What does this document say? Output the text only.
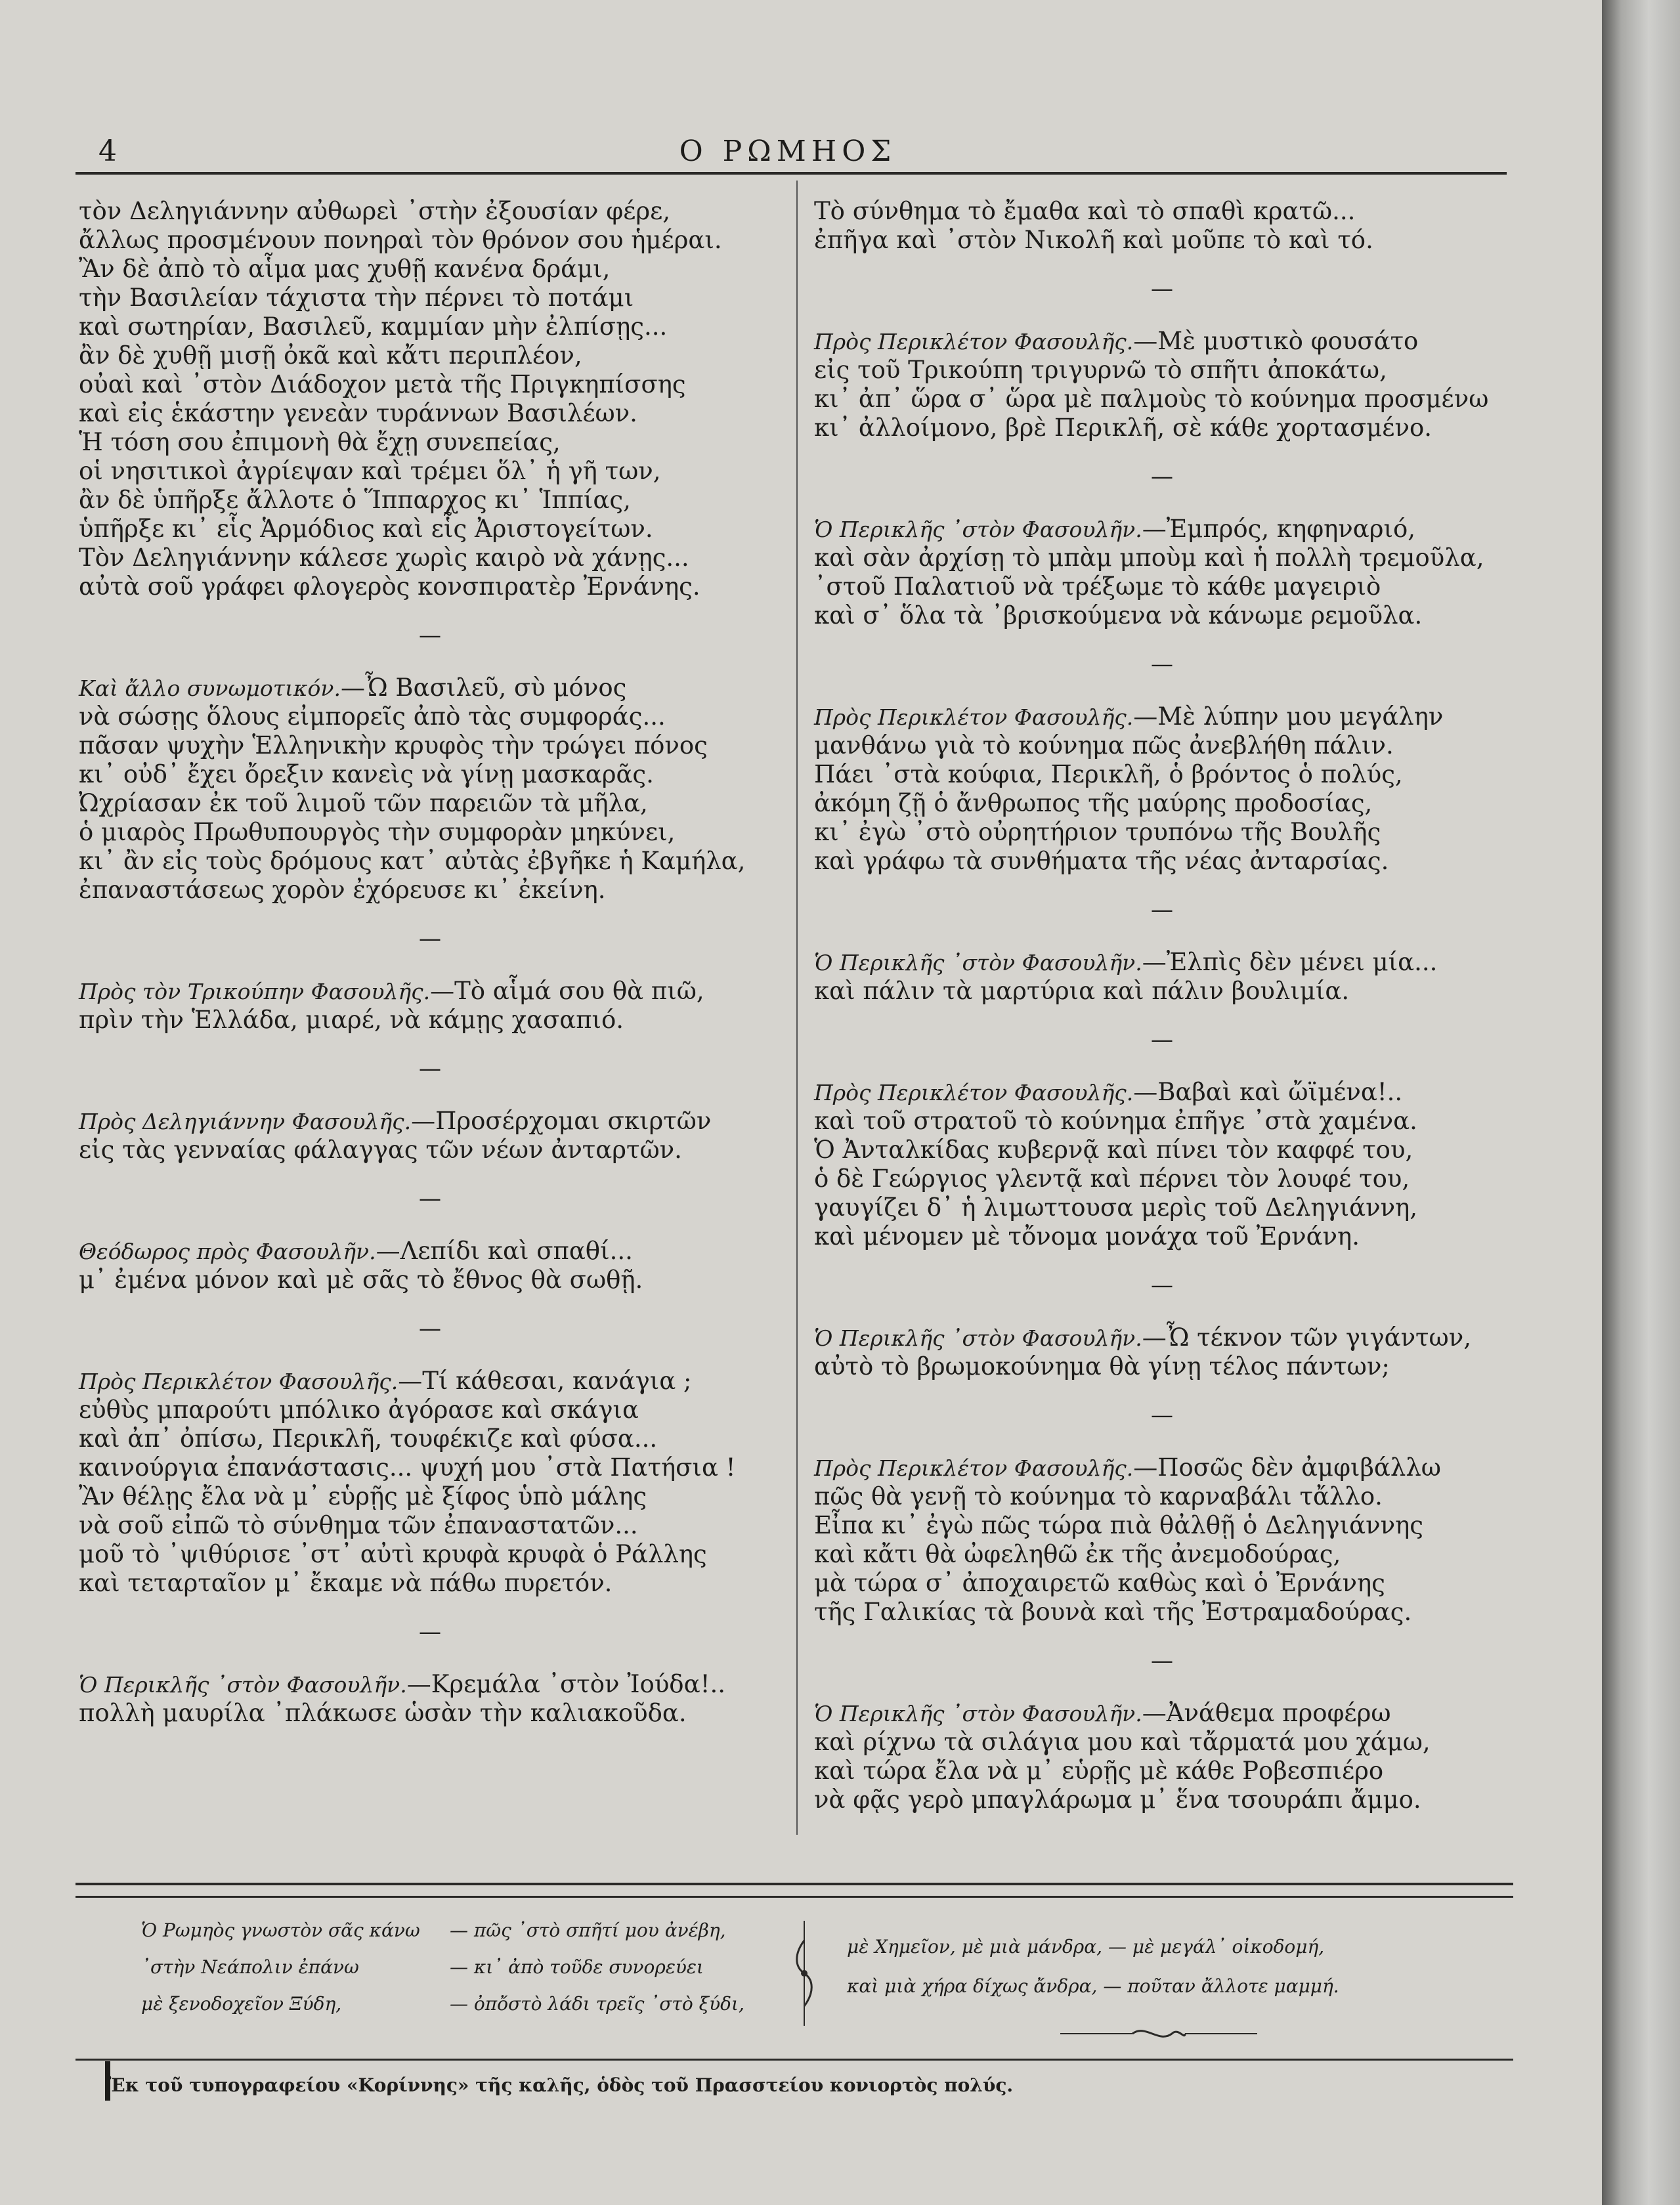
4	Ο ΡΩΜΗΟΣ
τὸν Δεληγιάννην αὐθωρεὶ ᾿στὴν ἐξουσίαν φέρε,
ἄλλως προσμένουν πονηραὶ τὸν θρόνον σου ἡμέραι.
Ἂν δὲ ἀπὸ τὸ αἷμα μας χυθῇ κανένα δράμι,
τὴν Βασιλείαν τάχιστα τὴν πέρνει τὸ ποτάμι
καὶ σωτηρίαν, Βασιλεῦ, καμμίαν μὴν ἐλπίσῃς...
ἂν δὲ χυθῇ μισῇ ὀκᾶ καὶ κἄτι περιπλέον,
οὐαὶ καὶ ᾿στὸν Διάδοχον μετὰ τῆς Πριγκηπίσσης
καὶ εἰς ἑκάστην γενεὰν τυράννων Βασιλέων.
Ἡ τόση σου ἐπιμονὴ θὰ ἔχῃ συνεπείας,
οἱ νησιτικοὶ ἀγρίεψαν καὶ τρέμει ὅλ᾿ ἡ γῆ των,
ἂν δὲ ὑπῆρξε ἄλλοτε ὁ Ἵππαρχος κι᾿ Ἱππίας,
ὑπῆρξε κι᾿ εἷς Ἁρμόδιος καὶ εἷς Ἀριστογείτων.
Τὸν Δεληγιάννην κάλεσε χωρὶς καιρὸ νὰ χάνῃς...
αὐτὰ σοῦ γράφει φλογερὸς κονσπιρατὲρ Ἐρνάνης.
—
Καὶ ἄλλο συνωμοτικόν.—Ὦ Βασιλεῦ, σὺ μόνος
νὰ σώσῃς ὅλους εἰμπορεῖς ἀπὸ τὰς συμφοράς...
πᾶσαν ψυχὴν Ἑλληνικὴν κρυφὸς τὴν τρώγει πόνος
κι᾿ οὐδ᾿ ἔχει ὄρεξιν κανεὶς νὰ γίνῃ μασκαρᾶς.
Ὠχρίασαν ἐκ τοῦ λιμοῦ τῶν παρειῶν τὰ μῆλα,
ὁ μιαρὸς Πρωθυπουργὸς τὴν συμφορὰν μηκύνει,
κι᾿ ἂν εἰς τοὺς δρόμους κατ᾿ αὐτὰς ἐβγῆκε ἡ Καμήλα,
ἐπαναστάσεως χορὸν ἐχόρευσε κι᾿ ἐκείνη.
—
Πρὸς τὸν Τρικούπην Φασουλῆς.—Τὸ αἷμά σου θὰ πιῶ,
πρὶν τὴν Ἑλλάδα, μιαρέ, νὰ κάμῃς χασαπιό.
—
Πρὸς Δεληγιάννην Φασουλῆς.—Προσέρχομαι σκιρτῶν
εἰς τὰς γενναίας φάλαγγας τῶν νέων ἀνταρτῶν.
—
Θεόδωρος πρὸς Φασουλῆν.—Λεπίδι καὶ σπαθί...
μ᾿ ἐμένα μόνον καὶ μὲ σᾶς τὸ ἔθνος θὰ σωθῇ.
—
Πρὸς Περικλέτον Φασουλῆς.—Τί κάθεσαι, κανάγια ;
εὐθὺς μπαρούτι μπόλικο ἀγόρασε καὶ σκάγια
καὶ ἀπ᾿ ὀπίσω, Περικλῆ, τουφέκιζε καὶ φύσα...
καινούργια ἐπανάστασις... ψυχή μου ᾿στὰ Πατήσια !
Ἂν θέλῃς ἔλα νὰ μ᾿ εὑρῇς μὲ ξίφος ὑπὸ μάλης
νὰ σοῦ εἰπῶ τὸ σύνθημα τῶν ἐπαναστατῶν...
μοῦ τὸ ᾿ψιθύρισε ᾿στ᾿ αὐτὶ κρυφὰ κρυφὰ ὁ Ράλλης
καὶ τεταρταῖον μ᾿ ἔκαμε νὰ πάθω πυρετόν.
—
Ὁ Περικλῆς ᾿στὸν Φασουλῆν.—Κρεμάλα ᾿στὸν Ἰούδα!..
πολλὴ μαυρίλα ᾿πλάκωσε ὡσὰν τὴν καλιακοῦδα.
Τὸ σύνθημα τὸ ἔμαθα καὶ τὸ σπαθὶ κρατῶ...
ἐπῆγα καὶ ᾿στὸν Νικολῆ καὶ μοῦπε τὸ καὶ τό.
—
Πρὸς Περικλέτον Φασουλῆς.—Μὲ μυστικὸ φουσάτο
εἰς τοῦ Τρικούπη τριγυρνῶ τὸ σπῆτι ἀποκάτω,
κι᾿ ἀπ᾿ ὥρα σ᾿ ὥρα μὲ παλμοὺς τὸ κούνημα προσμένω
κι᾿ ἀλλοίμονο, βρὲ Περικλῆ, σὲ κάθε χορτασμένο.
—
Ὁ Περικλῆς ᾿στὸν Φασουλῆν.—Ἐμπρός, κηφηναριό,
καὶ σὰν ἀρχίσῃ τὸ μπὰμ μποὺμ καὶ ἡ πολλὴ τρεμοῦλα,
᾿στοῦ Παλατιοῦ νὰ τρέξωμε τὸ κάθε μαγειριὸ
καὶ σ᾿ ὅλα τὰ ᾿βρισκούμενα νὰ κάνωμε ρεμοῦλα.
—
Πρὸς Περικλέτον Φασουλῆς.—Μὲ λύπην μου μεγάλην
μανθάνω γιὰ τὸ κούνημα πῶς ἀνεβλήθη πάλιν.
Πάει ᾿στὰ κούφια, Περικλῆ, ὁ βρόντος ὁ πολύς,
ἀκόμη ζῇ ὁ ἄνθρωπος τῆς μαύρης προδοσίας,
κι᾿ ἐγὼ ᾿στὸ οὐρητήριον τρυπόνω τῆς Βουλῆς
καὶ γράφω τὰ συνθήματα τῆς νέας ἀνταρσίας.
—
Ὁ Περικλῆς ᾿στὸν Φασουλῆν.—Ἐλπὶς δὲν μένει μία...
καὶ πάλιν τὰ μαρτύρια καὶ πάλιν βουλιμία.
—
Πρὸς Περικλέτον Φασουλῆς.—Βαβαὶ καὶ ὤϊμένα!..
καὶ τοῦ στρατοῦ τὸ κούνημα ἐπῆγε ᾿στὰ χαμένα.
Ὁ Ἀνταλκίδας κυβερνᾷ καὶ πίνει τὸν καφφέ του,
ὁ δὲ Γεώργιος γλεντᾷ καὶ πέρνει τὸν λουφέ του,
γαυγίζει δ᾿ ἡ λιμωττουσα μερὶς τοῦ Δεληγιάννη,
καὶ μένομεν μὲ τὄνομα μονάχα τοῦ Ἐρνάνη.
—
Ὁ Περικλῆς ᾿στὸν Φασουλῆν.—Ὦ τέκνον τῶν γιγάντων,
αὐτὸ τὸ βρωμοκούνημα θὰ γίνῃ τέλος πάντων;
—
Πρὸς Περικλέτον Φασουλῆς.—Ποσῶς δὲν ἀμφιβάλλω
πῶς θὰ γενῇ τὸ κούνημα τὸ καρναβάλι τἄλλο.
Εἶπα κι᾿ ἐγὼ πῶς τώρα πιὰ θἀλθῇ ὁ Δεληγιάννης
καὶ κἄτι θὰ ὠφεληθῶ ἐκ τῆς ἀνεμοδούρας,
μὰ τώρα σ᾿ ἀποχαιρετῶ καθὼς καὶ ὁ Ἐρνάνης
τῆς Γαλικίας τὰ βουνὰ καὶ τῆς Ἐστραμαδούρας.
—
Ὁ Περικλῆς ᾿στὸν Φασουλῆν.—Ἀνάθεμα προφέρω
καὶ ρίχνω τὰ σιλάγια μου καὶ τἄρματά μου χάμω,
καὶ τώρα ἔλα νὰ μ᾿ εὑρῇς μὲ κάθε Ροβεσπιέρο
νὰ φᾷς γερὸ μπαγλάρωμα μ᾿ ἕνα τσουράπι ἄμμο.
Ὁ Ρωμηὸς γνωστὸν σᾶς κάνω — πῶς ᾿στὸ σπῆτί μου ἀνέβη,
᾿στὴν Νεάπολιν ἐπάνω	— κι᾿ ἀπὸ τοῦδε συνορεύει
μὲ ξενοδοχεῖον Ξύδη,	— ὀπὄστὸ λάδι τρεῖς ᾿στὸ ξύδι,
μὲ Χημεῖον, μὲ μιὰ μάνδρα, — μὲ μεγάλ᾿ οἰκοδομή,
καὶ μιὰ χήρα δίχως ἄνδρα, — ποῦταν ἄλλοτε μαμμή.
Ἐκ τοῦ τυπογραφείου «Κορίννης» τῆς καλῆς, ὁδὸς τοῦ Πρασστείου κονιορτὸς πολύς.
